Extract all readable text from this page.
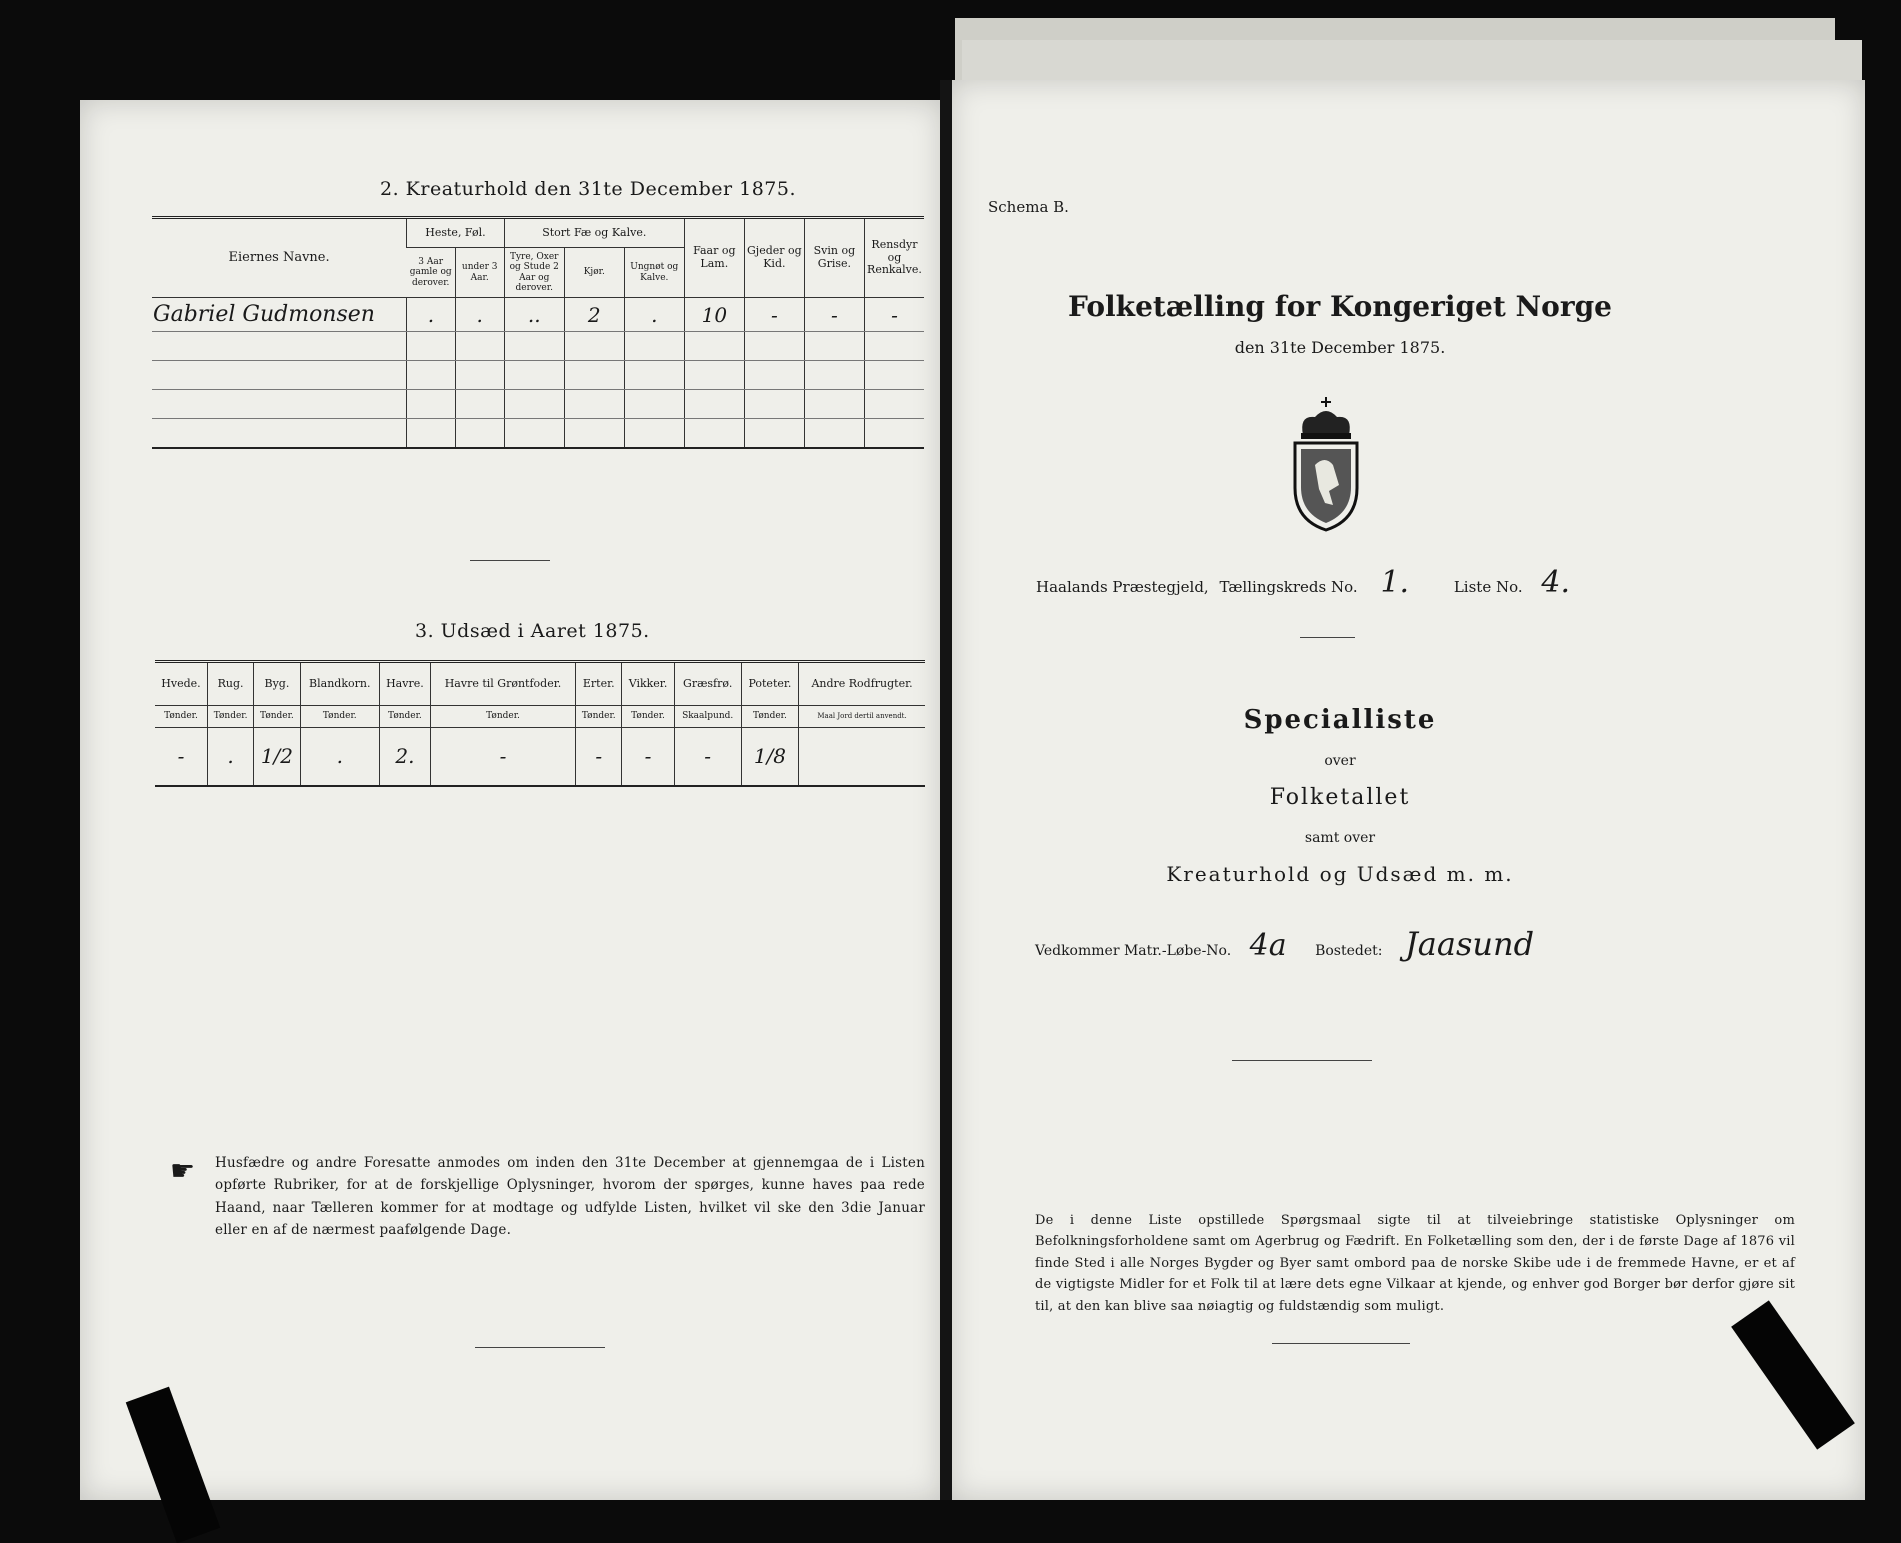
2. Kreaturhold den 31te December 1875.
Eiernes Navne.	Heste, Føl.		Stort Fæ og Kalve.			Faar og Lam.	Gjeder og Kid.	Svin og Grise.	Rensdyr og Renkalve.
	3 Aar gamle og derover.	under 3 Aar.	Tyre, Oxer og Stude 2 Aar og derover.	Kjør.	Ungnøt og Kalve.				
Gabriel Gudmonsen	.	.	..	2	.	10	-	-	-

3. Udsæd i Aaret 1875.
Hvede.	Rug.	Byg.	Blandkorn.	Havre.	Havre til Grøntfoder.	Erter.	Vikker.	Græsfrø.	Poteter.	Andre Rodfrugter.
Tønder.	Tønder.	Tønder.	Tønder.	Tønder.	Tønder.	Tønder.	Tønder.	Skaalpund.	Tønder.	Maal Jord dertil anvendt.
-	.	1/2	.	2.	-	-	-	-	1/8	
☛ Husfædre og andre Foresatte anmodes om inden den 31te December at gjennemgaa de i Listen opførte Rubriker, for at de forskjellige Oplysninger, hvorom der spørges, kunne haves paa rede Haand, naar Tælleren kommer for at modtage og udfylde Listen, hvilket vil ske den 3die Januar eller en af de nærmest paafølgende Dage.
Schema B.
Folketælling for Kongeriget Norge
den 31te December 1875.
Haalands Præstegjeld, Tællingskreds No. 1.	Liste No. 4.
Specialliste
over
Folketallet
samt over
Kreaturhold og Udsæd m. m.
Vedkommer Matr.-Løbe-No. 4a Bostedet: Jaasund
De i denne Liste opstillede Spørgsmaal sigte til at tilveiebringe statistiske Oplysninger om Befolkningsforholdene samt om Agerbrug og Fædrift. En Folketælling som den, der i de første Dage af 1876 vil finde Sted i alle Norges Bygder og Byer samt ombord paa de norske Skibe ude i de fremmede Havne, er et af de vigtigste Midler for et Folk til at lære dets egne Vilkaar at kjende, og enhver god Borger bør derfor gjøre sit til, at den kan blive saa nøiagtig og fuldstændig som muligt.
